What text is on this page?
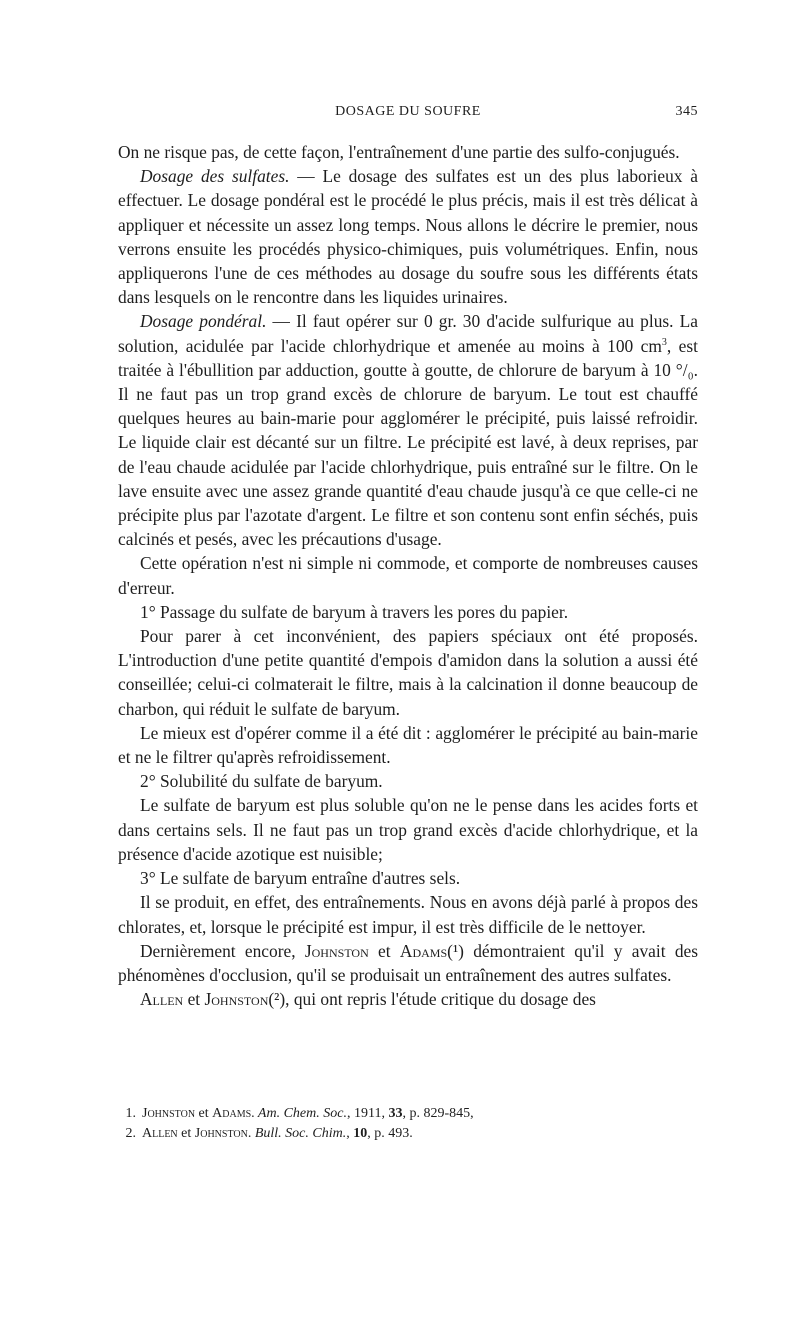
DOSAGE DU SOUFRE	345

On ne risque pas, de cette façon, l'entraînement d'une partie des sulfo-conjugués.

Dosage des sulfates. — Le dosage des sulfates est un des plus laborieux à effectuer. Le dosage pondéral est le procédé le plus précis, mais il est très délicat à appliquer et nécessite un assez long temps. Nous allons le décrire le premier, nous verrons ensuite les procédés physico-chimiques, puis volumétriques. Enfin, nous appliquerons l'une de ces méthodes au dosage du soufre sous les différents états dans lesquels on le rencontre dans les liquides urinaires.

Dosage pondéral. — Il faut opérer sur 0 gr. 30 d'acide sulfurique au plus. La solution, acidulée par l'acide chlorhydrique et amenée au moins à 100 $cm^3$, est traitée à l'ébullition par adduction, goutte à goutte, de chlorure de baryum à 10 °/₀. Il ne faut pas un trop grand excès de chlorure de baryum. Le tout est chauffé quelques heures au bain-marie pour agglomérer le précipité, puis laissé refroidir. Le liquide clair est décanté sur un filtre. Le précipité est lavé, à deux reprises, par de l'eau chaude acidulée par l'acide chlorhydrique, puis entraîné sur le filtre. On le lave ensuite avec une assez grande quantité d'eau chaude jusqu'à ce que celle-ci ne précipite plus par l'azotate d'argent. Le filtre et son contenu sont enfin séchés, puis calcinés et pesés, avec les précautions d'usage.

Cette opération n'est ni simple ni commode, et comporte de nombreuses causes d'erreur.

1° Passage du sulfate de baryum à travers les pores du papier.

Pour parer à cet inconvénient, des papiers spéciaux ont été proposés. L'introduction d'une petite quantité d'empois d'amidon dans la solution a aussi été conseillée; celui-ci colmaterait le filtre, mais à la calcination il donne beaucoup de charbon, qui réduit le sulfate de baryum.

Le mieux est d'opérer comme il a été dit : agglomérer le précipité au bain-marie et ne le filtrer qu'après refroidissement.

2° Solubilité du sulfate de baryum.

Le sulfate de baryum est plus soluble qu'on ne le pense dans les acides forts et dans certains sels. Il ne faut pas un trop grand excès d'acide chlorhydrique, et la présence d'acide azotique est nuisible;

3° Le sulfate de baryum entraîne d'autres sels.

Il se produit, en effet, des entraînements. Nous en avons déjà parlé à propos des chlorates, et, lorsque le précipité est impur, il est très difficile de le nettoyer.

Dernièrement encore, Johnston et Adams(¹) démontraient qu'il y avait des phénomènes d'occlusion, qu'il se produisait un entraînement des autres sulfates.

Allen et Johnston(²), qui ont repris l'étude critique du dosage des

1. Johnston et Adams. Am. Chem. Soc., 1911, 33, p. 829-845,

2. Allen et Johnston. Bull. Soc. Chim., 10, p. 493.
